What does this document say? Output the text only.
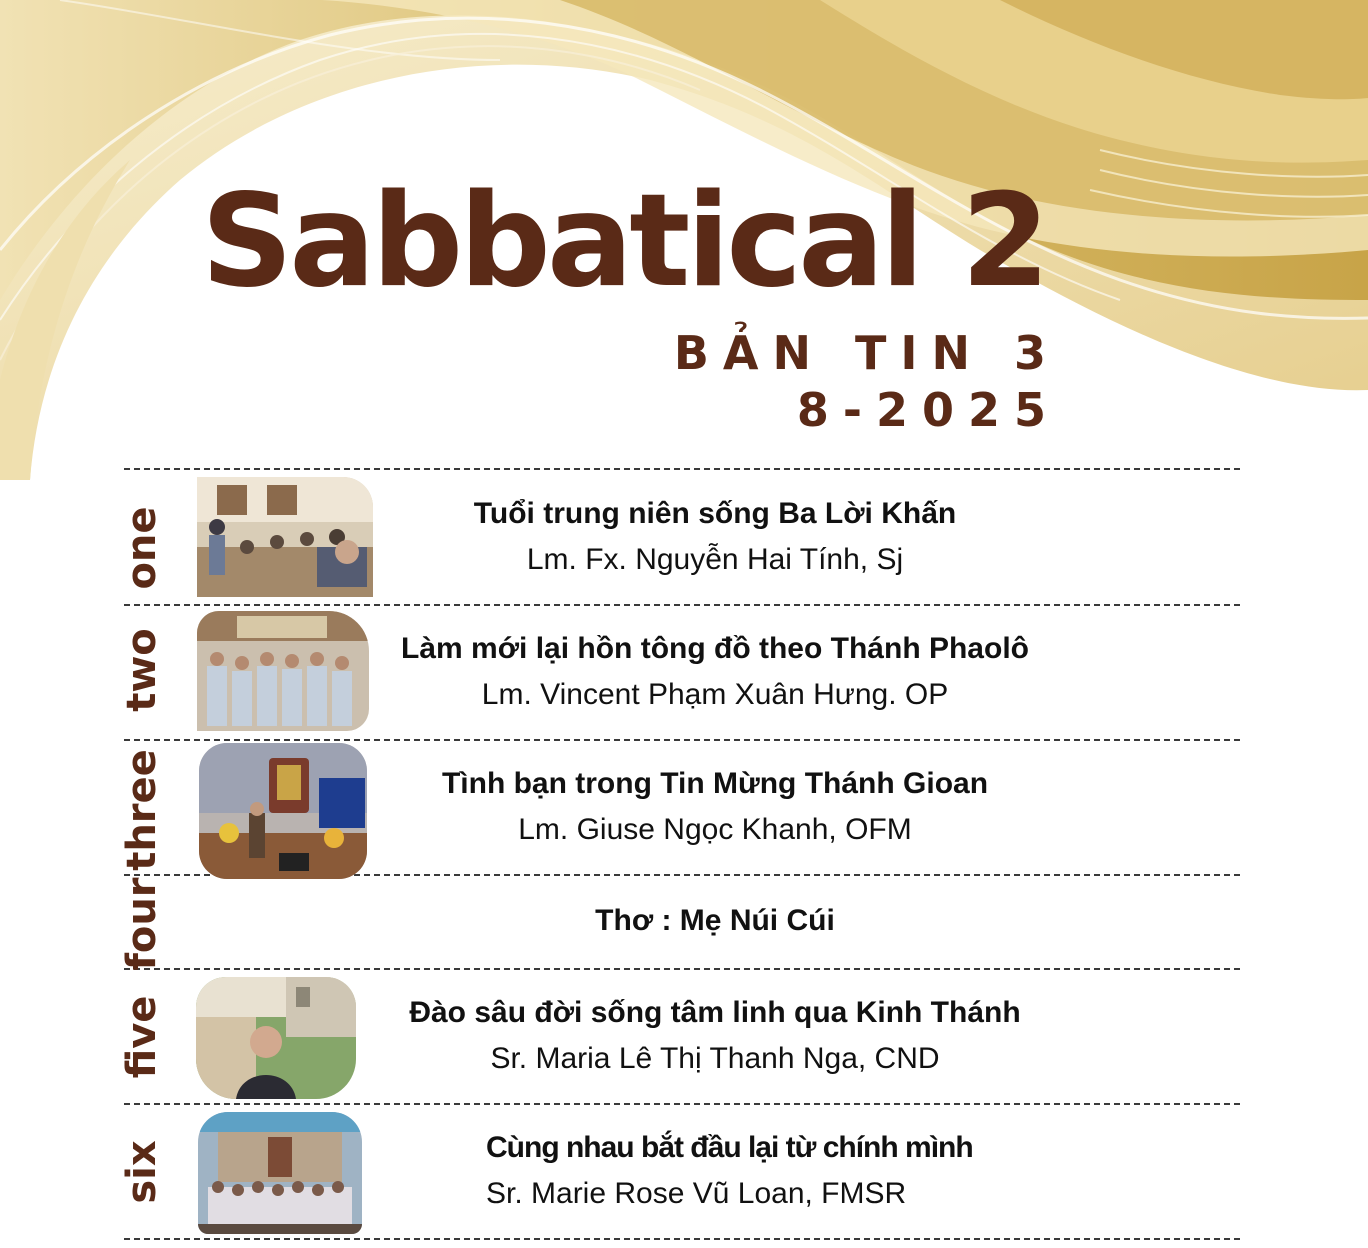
Sabbatical 2
BẢN TIN 3
8-2025
one
two
three
four
five
six
Tuổi trung niên sống Ba Lời Khấn
Lm. Fx. Nguyễn Hai Tính, Sj
Làm mới lại hồn tông đồ theo Thánh Phaolô
Lm. Vincent Phạm Xuân Hưng. OP
Tình bạn trong Tin Mừng Thánh Gioan
Lm. Giuse Ngọc Khanh, OFM
Thơ : Mẹ Núi Cúi
Đào sâu đời sống tâm linh qua Kinh Thánh
Sr. Maria Lê Thị Thanh Nga, CND
Cùng nhau bắt đầu lại từ chính mình
Sr. Marie Rose Vũ Loan, FMSR
